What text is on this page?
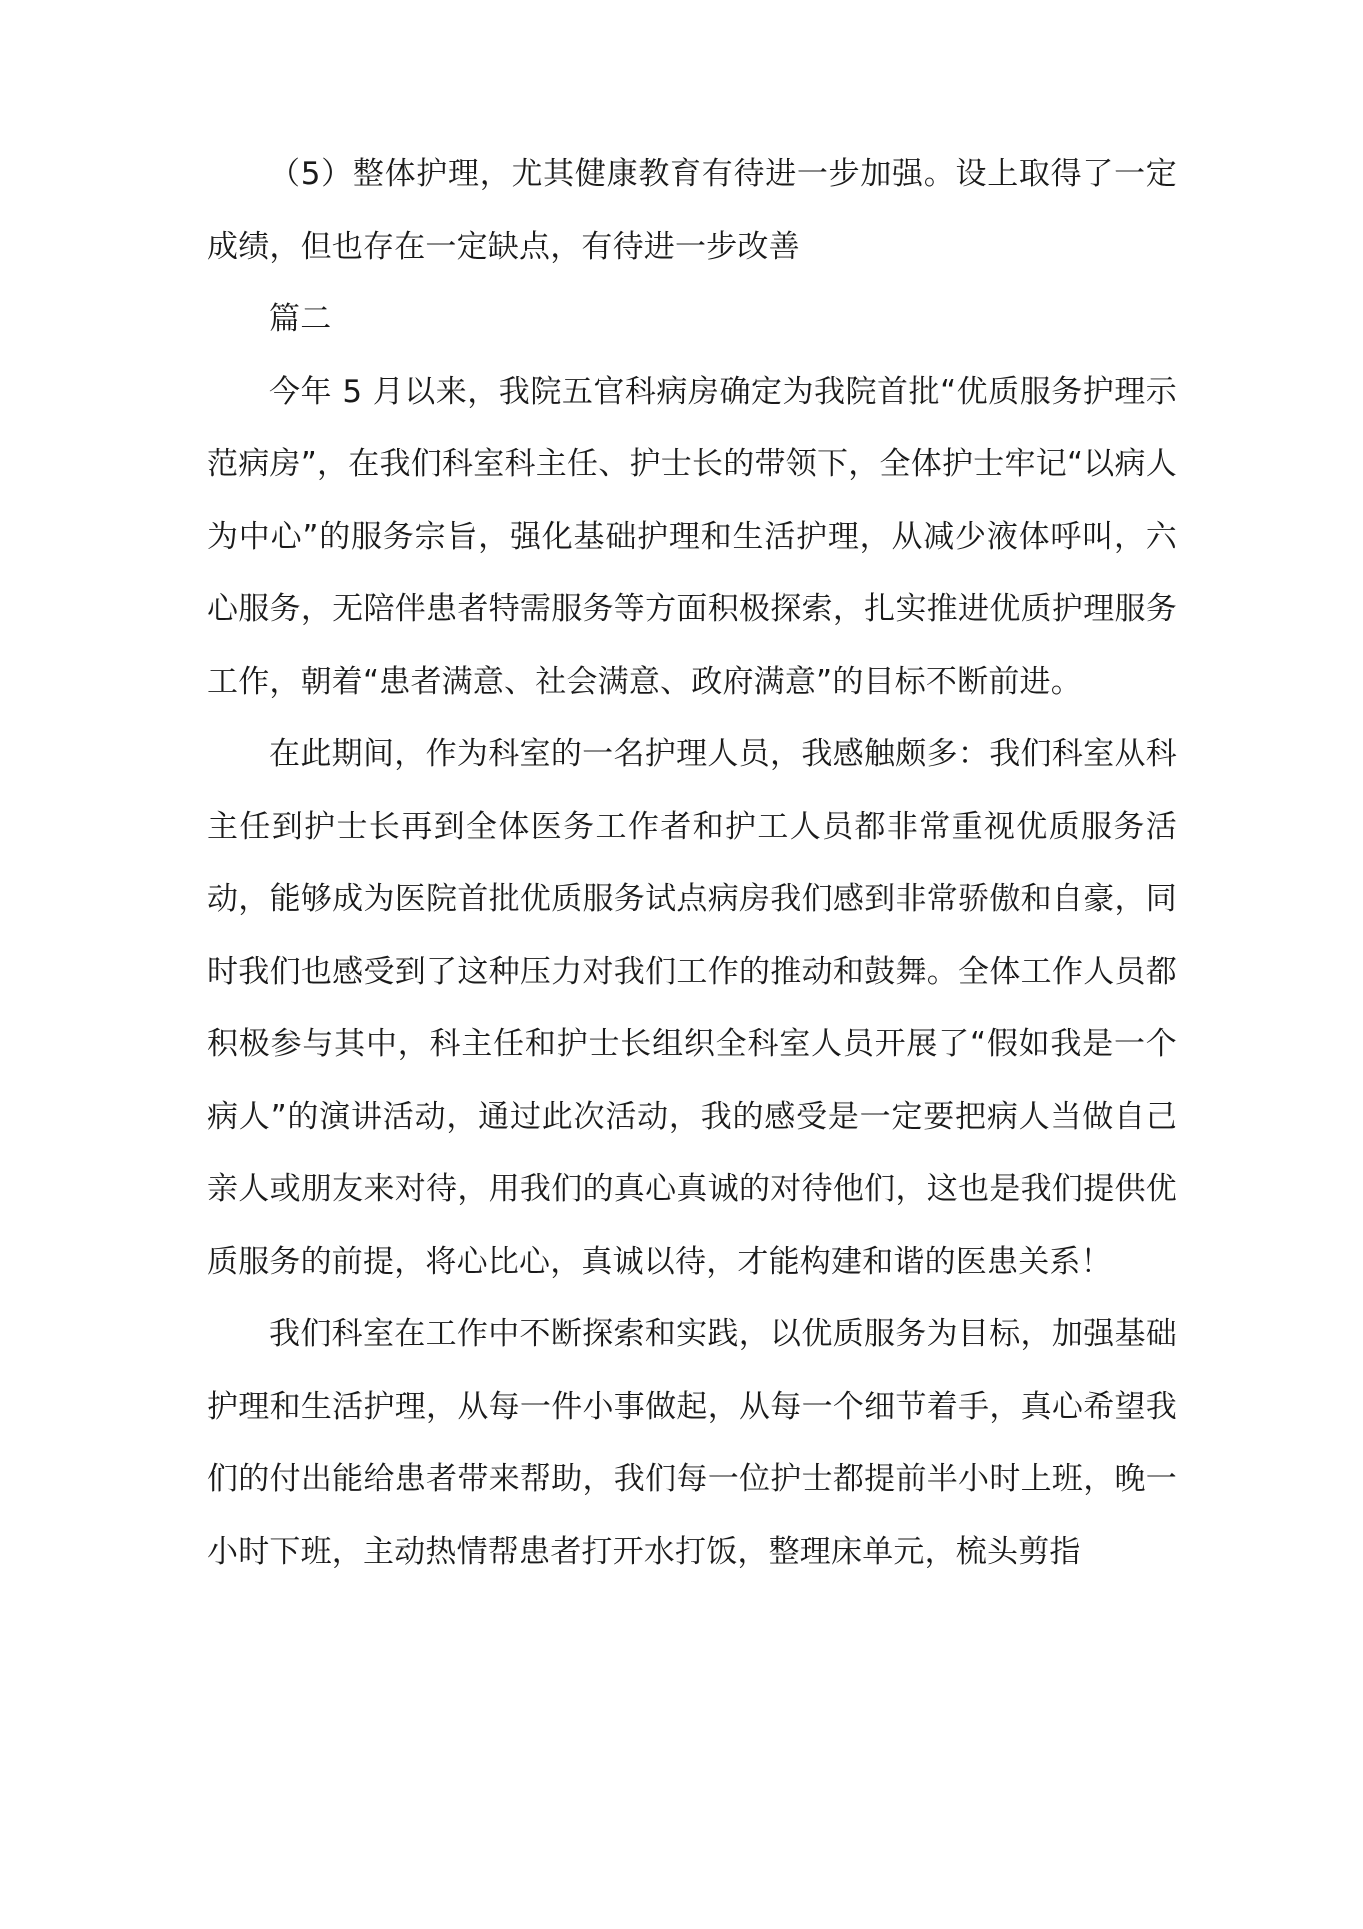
（5）整体护理，尤其健康教育有待进一步加强。设上取得了一定成绩，但也存在一定缺点，有待进一步改善

篇二

今年 5 月以来，我院五官科病房确定为我院首批“优质服务护理示范病房”，在我们科室科主任、护士长的带领下，全体护士牢记“以病人为中心”的服务宗旨，强化基础护理和生活护理，从减少液体呼叫，六心服务，无陪伴患者特需服务等方面积极探索，扎实推进优质护理服务工作，朝着“患者满意、社会满意、政府满意”的目标不断前进。

在此期间，作为科室的一名护理人员，我感触颇多：我们科室从科主任到护士长再到全体医务工作者和护工人员都非常重视优质服务活动，能够成为医院首批优质服务试点病房我们感到非常骄傲和自豪，同时我们也感受到了这种压力对我们工作的推动和鼓舞。全体工作人员都积极参与其中，科主任和护士长组织全科室人员开展了“假如我是一个病人”的演讲活动，通过此次活动，我的感受是一定要把病人当做自己亲人或朋友来对待，用我们的真心真诚的对待他们，这也是我们提供优质服务的前提，将心比心，真诚以待，才能构建和谐的医患关系！

我们科室在工作中不断探索和实践，以优质服务为目标，加强基础护理和生活护理，从每一件小事做起，从每一个细节着手，真心希望我们的付出能给患者带来帮助，我们每一位护士都提前半小时上班，晚一小时下班，主动热情帮患者打开水打饭，整理床单元，梳头剪指
